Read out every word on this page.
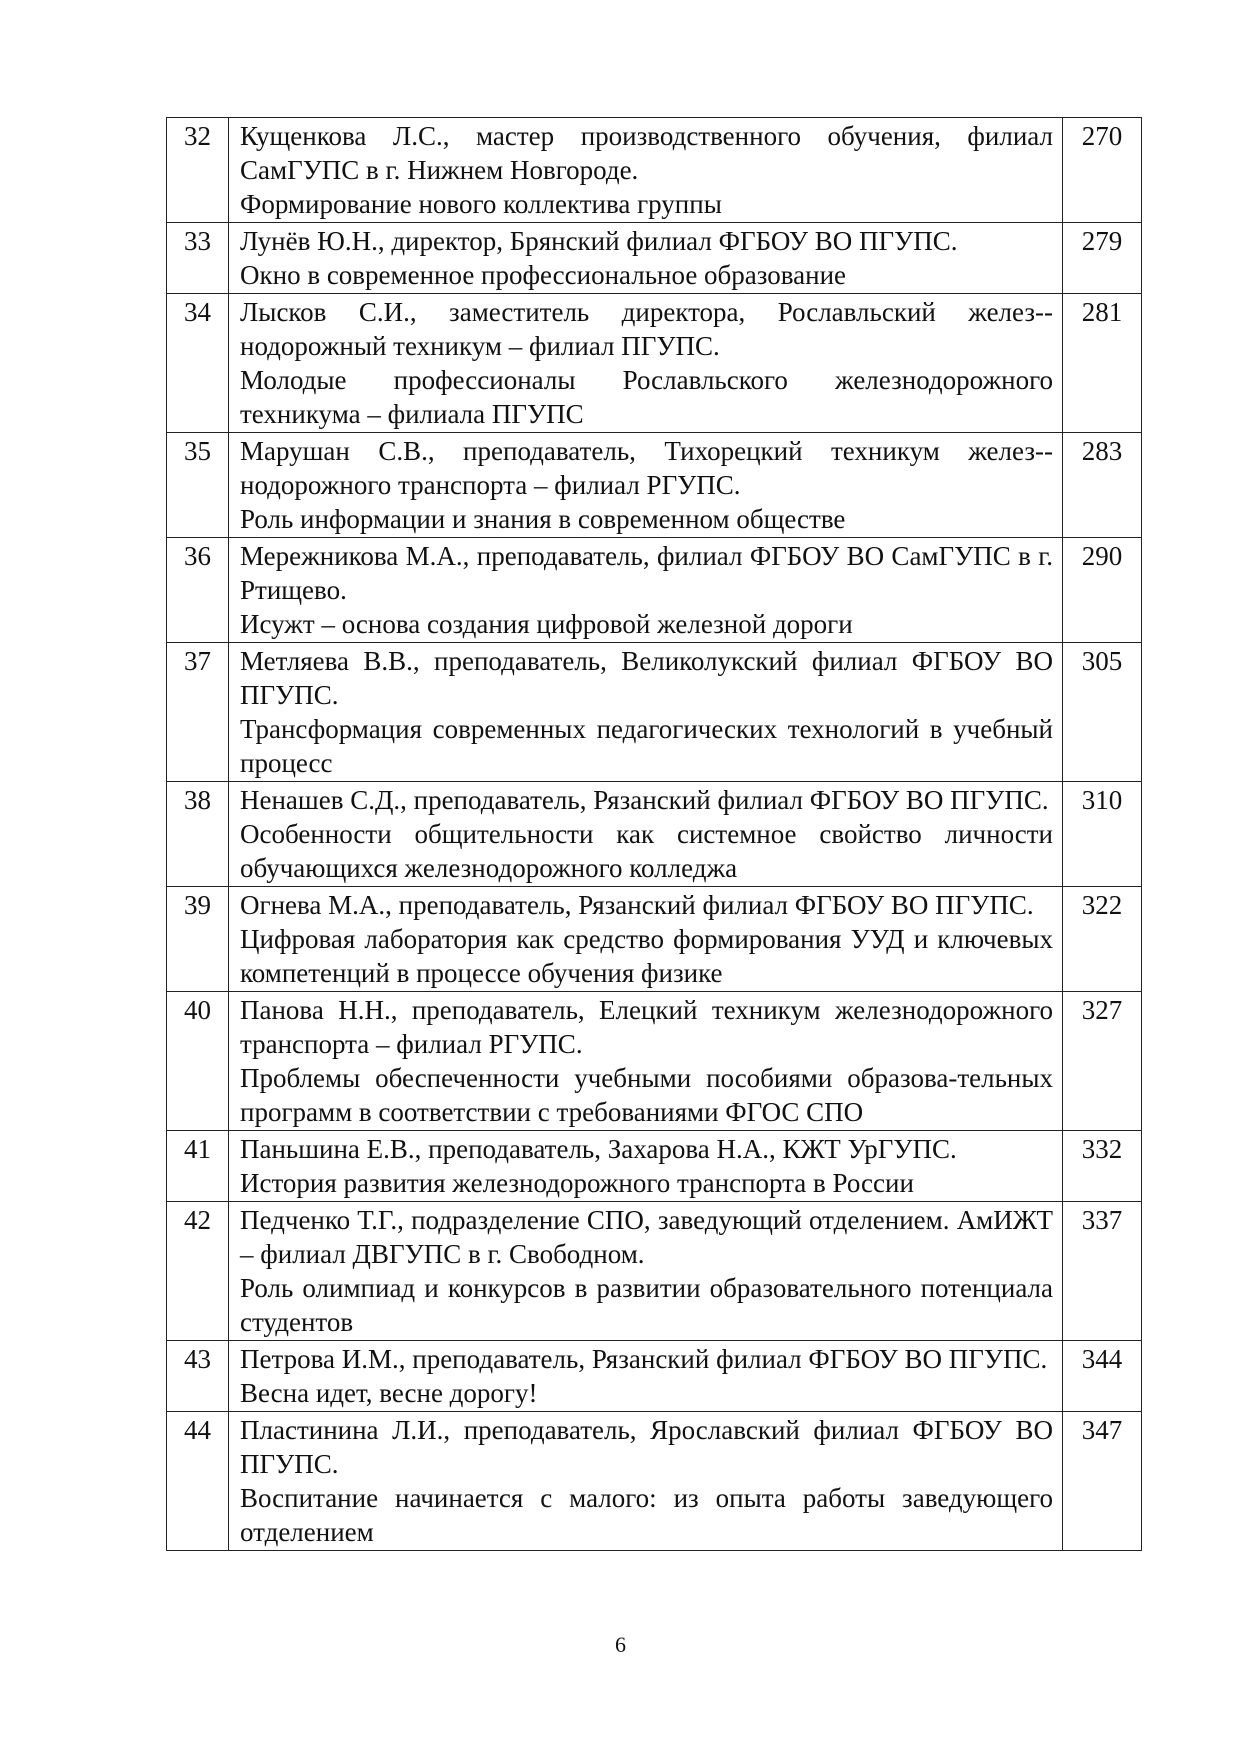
32	Кущенкова Л.С., мастер производственного обучения, филиал СамГУПС в г. Нижнем Новгороде.
Формирование нового коллектива группы	270
33	Лунёв Ю.Н., директор, Брянский филиал ФГБОУ ВО ПГУПС.
Окно в современное профессиональное образование	279
34	Лысков С.И., заместитель директора, Рославльский желез-нодорожный техникум – филиал ПГУПС.
Молодые профессионалы Рославльского железнодорожного техникума – филиала ПГУПС	281
35	Марушан С.В., преподаватель, Тихорецкий техникум желез-нодорожного транспорта – филиал РГУПС.
Роль информации и знания в современном обществе	283
36	Мережникова М.А., преподаватель, филиал ФГБОУ ВО СамГУПС в г. Ртищево.
Исужт – основа создания цифровой железной дороги	290
37	Метляева В.В., преподаватель, Великолукский филиал ФГБОУ ВО ПГУПС.
Трансформация современных педагогических технологий в учебный процесс	305
38	Ненашев С.Д., преподаватель, Рязанский филиал ФГБОУ ВО ПГУПС.
Особенности общительности как системное свойство личности обучающихся железнодорожного колледжа	310
39	Огнева М.А., преподаватель, Рязанский филиал ФГБОУ ВО ПГУПС.
Цифровая лаборатория как средство формирования УУД и ключевых компетенций в процессе обучения физике	322
40	Панова Н.Н., преподаватель, Елецкий техникум железнодорожного транспорта – филиал РГУПС.
Проблемы обеспеченности учебными пособиями образова-тельных программ в соответствии с требованиями ФГОС СПО	327
41	Паньшина Е.В., преподаватель, Захарова Н.А., КЖТ УрГУПС.
История развития железнодорожного транспорта в России	332
42	Педченко Т.Г., подразделение СПО, заведующий отделением. АмИЖТ – филиал ДВГУПС в г. Свободном.
Роль олимпиад и конкурсов в развитии образовательного потенциала студентов	337
43	Петрова И.М., преподаватель, Рязанский филиал ФГБОУ ВО ПГУПС.
Весна идет, весне дорогу!	344
44	Пластинина Л.И., преподаватель, Ярославский филиал ФГБОУ ВО ПГУПС.
Воспитание начинается с малого: из опыта работы заведующего отделением	347
6
